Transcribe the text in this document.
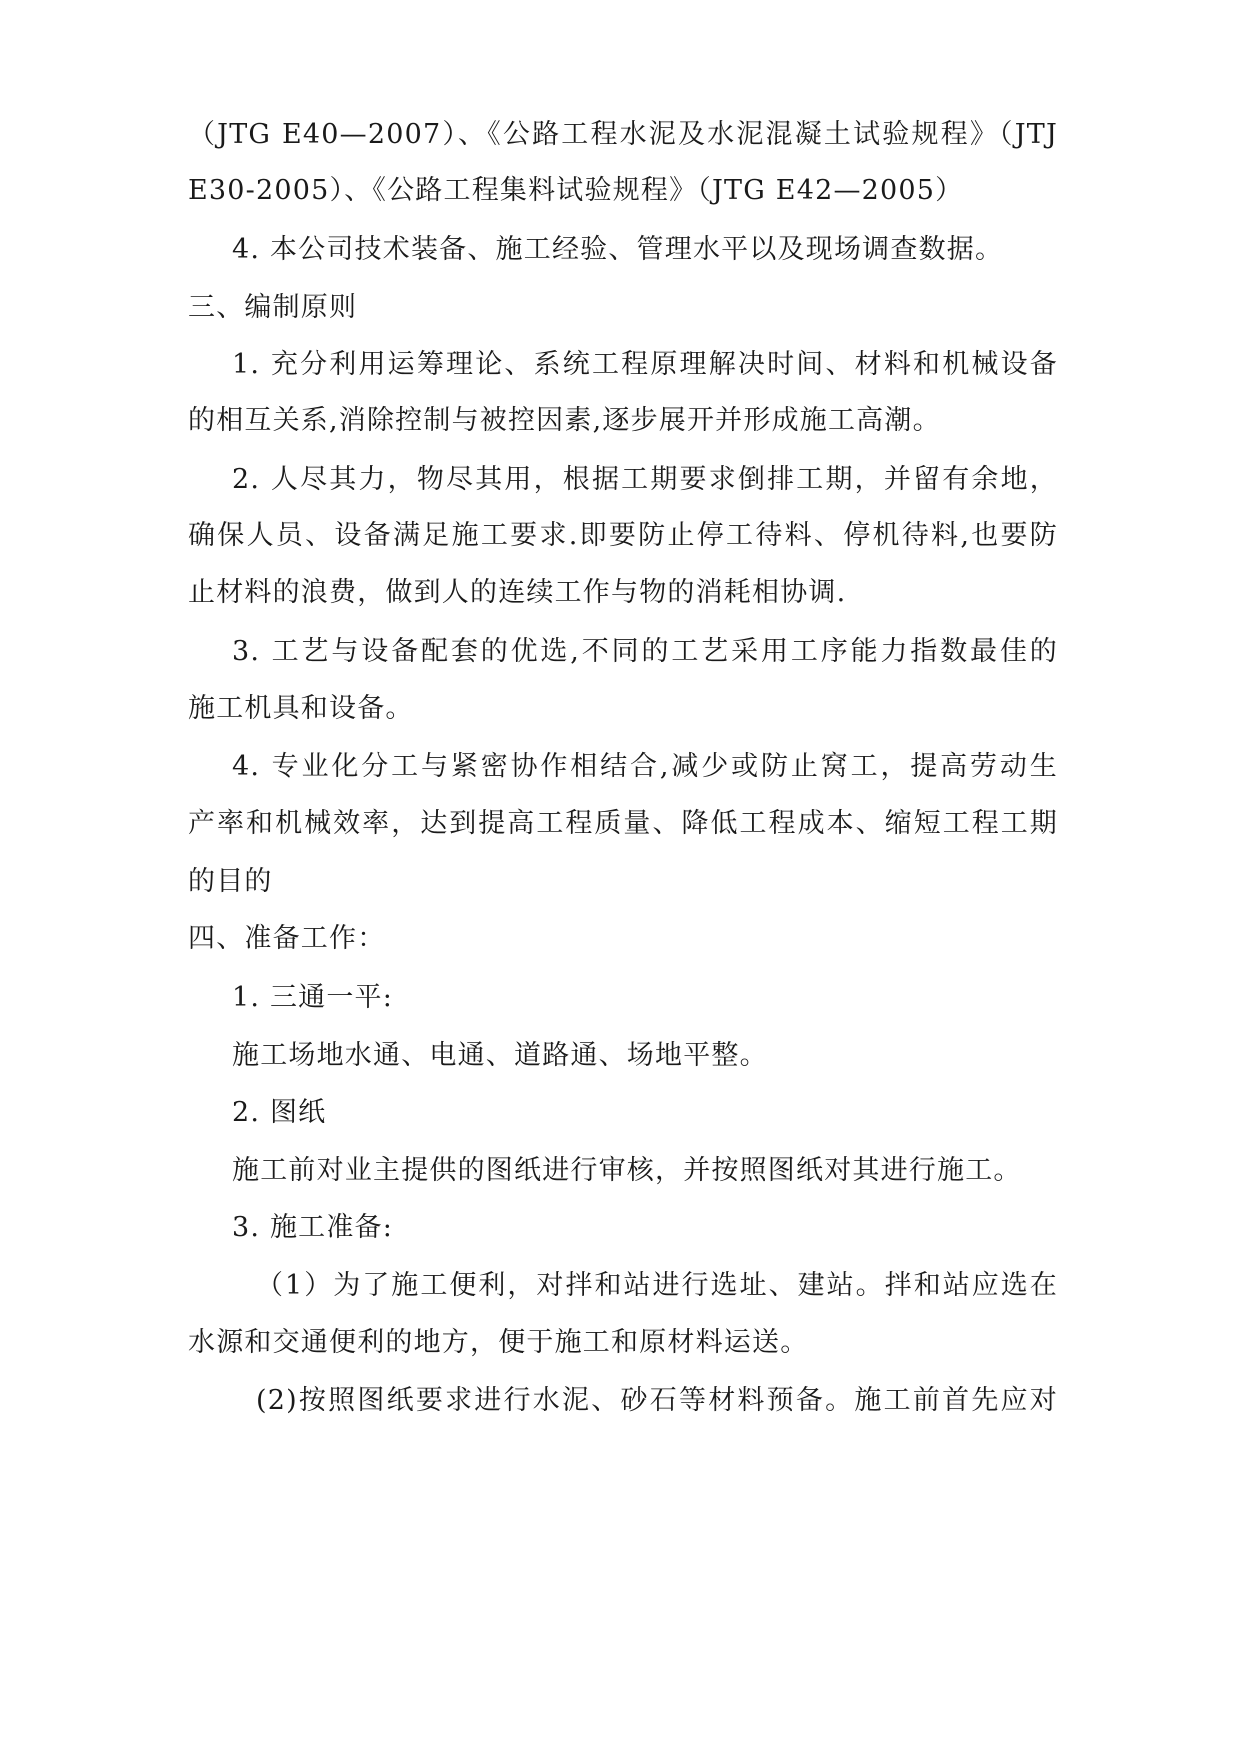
（JTG E40—2007）、《公路工程水泥及水泥混凝土试验规程》（JTJ
E30-2005）、《公路工程集料试验规程》（JTG E42—2005）
4. 本公司技术装备、施工经验、管理水平以及现场调查数据。
三、编制原则
1. 充分利用运筹理论、系统工程原理解决时间、材料和机械设备
的相互关系,消除控制与被控因素,逐步展开并形成施工高潮。
2. 人尽其力，物尽其用，根据工期要求倒排工期，并留有余地，
确保人员、设备满足施工要求.即要防止停工待料、停机待料,也要防
止材料的浪费，做到人的连续工作与物的消耗相协调.
3. 工艺与设备配套的优选,不同的工艺采用工序能力指数最佳的
施工机具和设备。
4. 专业化分工与紧密协作相结合,减少或防止窝工，提高劳动生
产率和机械效率，达到提高工程质量、降低工程成本、缩短工程工期
的目的
四、准备工作：
1. 三通一平:
施工场地水通、电通、道路通、场地平整。
2. 图纸
施工前对业主提供的图纸进行审核，并按照图纸对其进行施工。
3. 施工准备:
（1）为了施工便利，对拌和站进行选址、建站。拌和站应选在
水源和交通便利的地方，便于施工和原材料运送。
(2)按照图纸要求进行水泥、砂石等材料预备。施工前首先应对
